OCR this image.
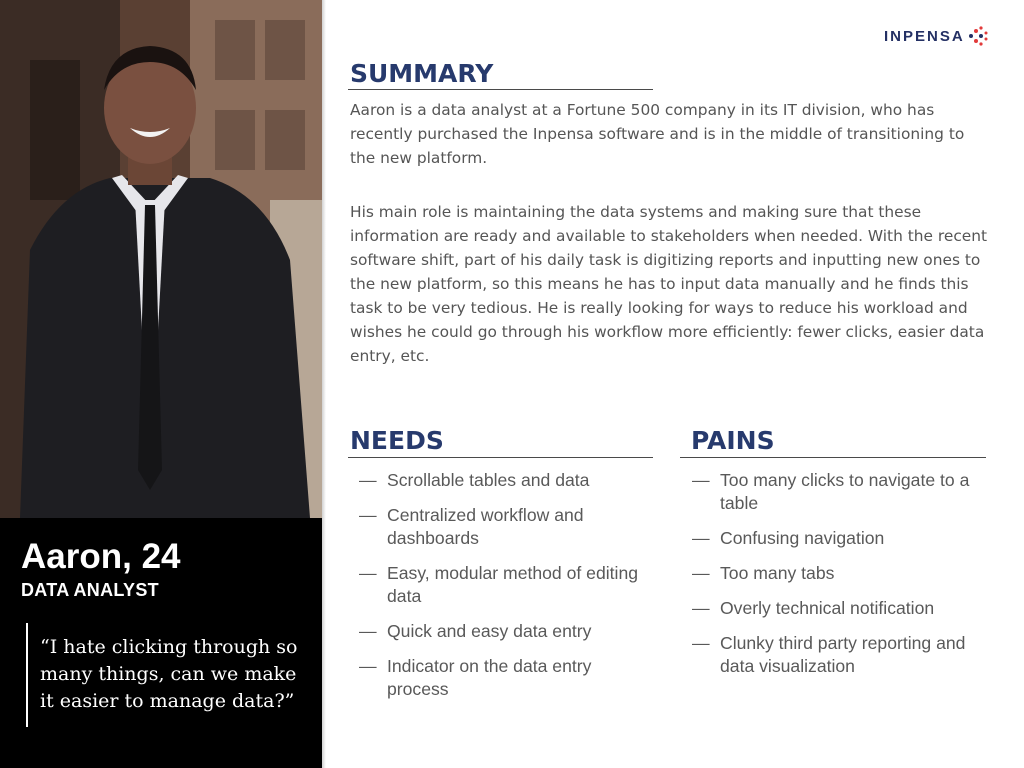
Aaron, 24

DATA ANALYST

“I hate clicking through so many things, can we make it easier to manage data?”

INPENSA
SUMMARY

Aaron is a data analyst at a Fortune 500 company in its IT division, who has recently purchased the Inpensa software and is in the middle of transitioning to the new platform.

His main role is maintaining the data systems and making sure that these information are ready and available to stakeholders when needed. With the recent software shift, part of his daily task is digitizing reports and inputting new ones to the new platform, so this means he has to input data manually and he finds this task to be very tedious. He is really looking for ways to reduce his workload and wishes he could go through his workflow more efficiently: fewer clicks, easier data entry, etc.

NEEDS
— Scrollable tables and data
— Centralized workflow and dashboards
— Easy, modular method of editing data
— Quick and easy data entry
— Indicator on the data entry process
PAINS
— Too many clicks to navigate to a table
— Confusing navigation
— Too many tabs
— Overly technical notification
— Clunky third party reporting and data visualization
